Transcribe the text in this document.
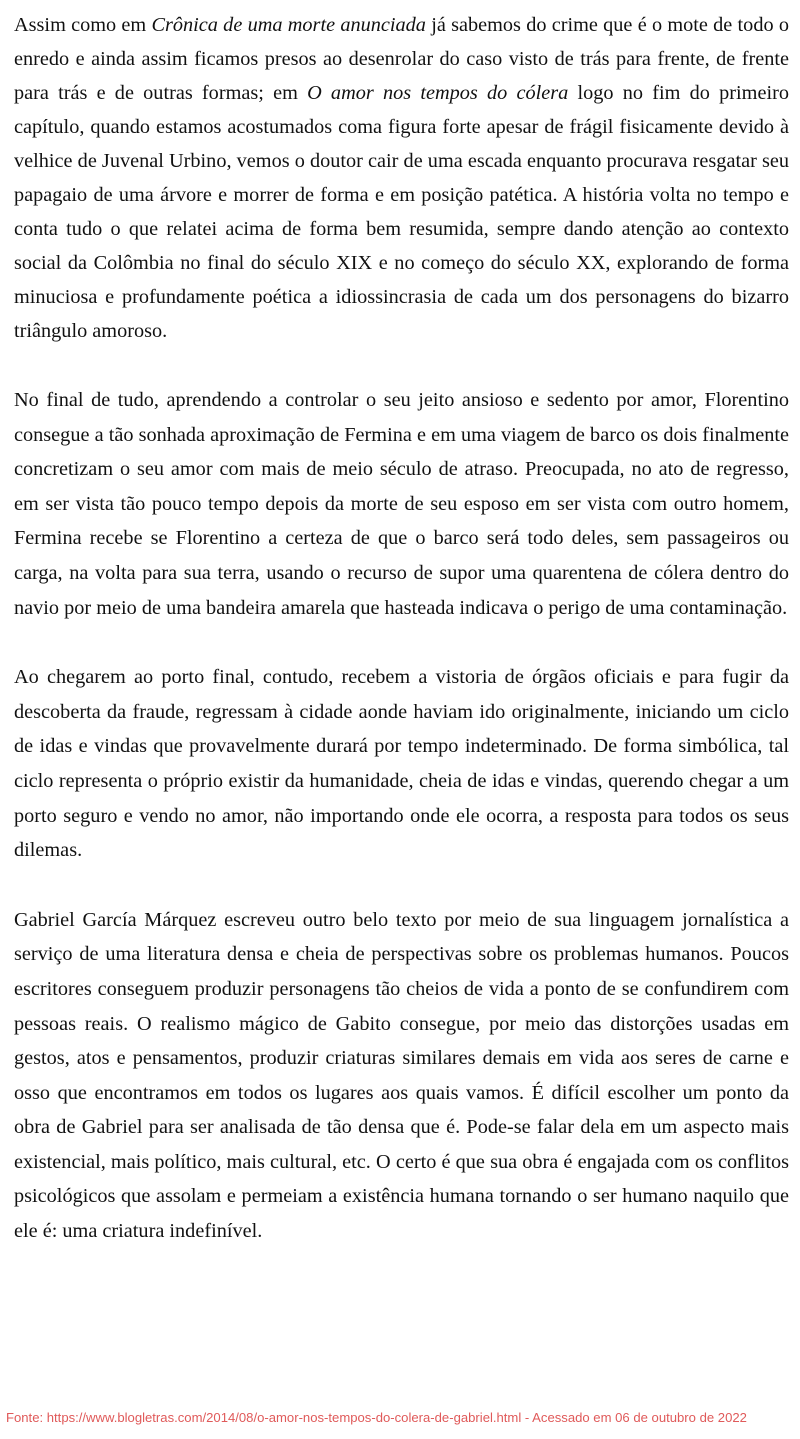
Assim como em Crônica de uma morte anunciada já sabemos do crime que é o mote de todo o enredo e ainda assim ficamos presos ao desenrolar do caso visto de trás para frente, de frente para trás e de outras formas; em O amor nos tempos do cólera logo no fim do primeiro capítulo, quando estamos acostumados coma figura forte apesar de frágil fisicamente devido à velhice de Juvenal Urbino, vemos o doutor cair de uma escada enquanto procurava resgatar seu papagaio de uma árvore e morrer de forma e em posição patética. A história volta no tempo e conta tudo o que relatei acima de forma bem resumida, sempre dando atenção ao contexto social da Colômbia no final do século XIX e no começo do século XX, explorando de forma minuciosa e profundamente poética a idiossincrasia de cada um dos personagens do bizarro triângulo amoroso.

No final de tudo, aprendendo a controlar o seu jeito ansioso e sedento por amor, Florentino consegue a tão sonhada aproximação de Fermina e em uma viagem de barco os dois finalmente concretizam o seu amor com mais de meio século de atraso. Preocupada, no ato de regresso, em ser vista tão pouco tempo depois da morte de seu esposo em ser vista com outro homem, Fermina recebe se Florentino a certeza de que o barco será todo deles, sem passageiros ou carga, na volta para sua terra, usando o recurso de supor uma quarentena de cólera dentro do navio por meio de uma bandeira amarela que hasteada indicava o perigo de uma contaminação.

Ao chegarem ao porto final, contudo, recebem a vistoria de órgãos oficiais e para fugir da descoberta da fraude, regressam à cidade aonde haviam ido originalmente, iniciando um ciclo de idas e vindas que provavelmente durará por tempo indeterminado. De forma simbólica, tal ciclo representa o próprio existir da humanidade, cheia de idas e vindas, querendo chegar a um porto seguro e vendo no amor, não importando onde ele ocorra, a resposta para todos os seus dilemas.

Gabriel García Márquez escreveu outro belo texto por meio de sua linguagem jornalística a serviço de uma literatura densa e cheia de perspectivas sobre os problemas humanos. Poucos escritores conseguem produzir personagens tão cheios de vida a ponto de se confundirem com pessoas reais. O realismo mágico de Gabito consegue, por meio das distorções usadas em gestos, atos e pensamentos, produzir criaturas similares demais em vida aos seres de carne e osso que encontramos em todos os lugares aos quais vamos. É difícil escolher um ponto da obra de Gabriel para ser analisada de tão densa que é. Pode-se falar dela em um aspecto mais existencial, mais político, mais cultural, etc. O certo é que sua obra é engajada com os conflitos psicológicos que assolam e permeiam a existência humana tornando o ser humano naquilo que ele é: uma criatura indefinível.

Fonte: https://www.blogletras.com/2014/08/o-amor-nos-tempos-do-colera-de-gabriel.html - Acessado em 06 de outubro de 2022
